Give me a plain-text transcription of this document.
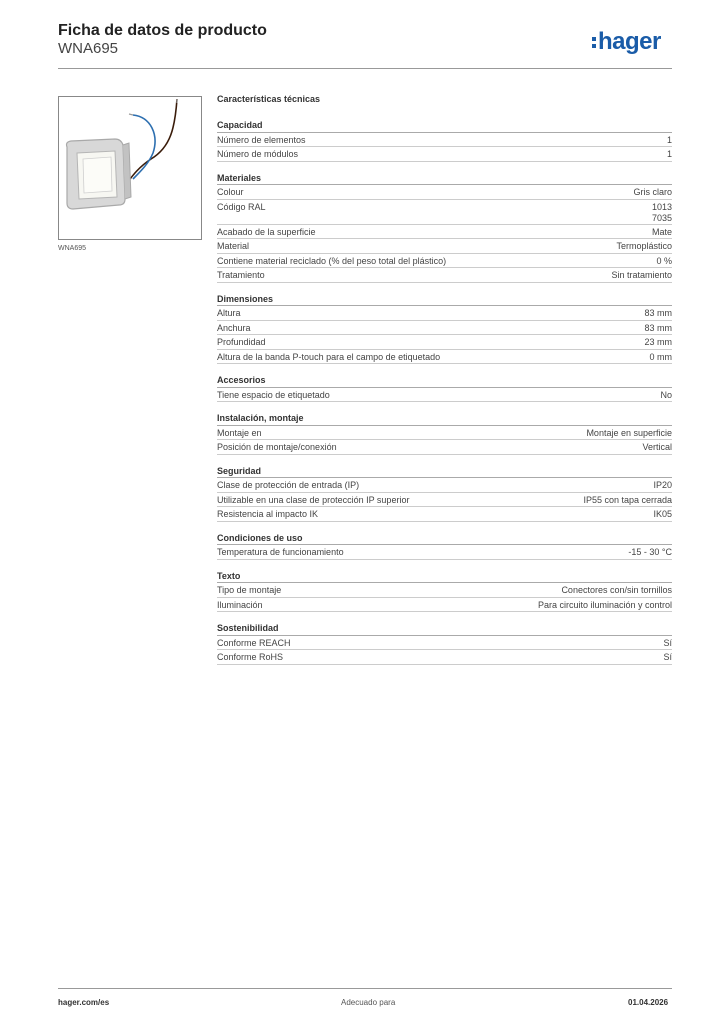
Ficha de datos de producto
WNA695	hager
WNA695
Características técnicas
Capacidad
Número de elementos	1
Número de módulos	1
Materiales
Colour	Gris claro
Código RAL	1013
7035
Acabado de la superficie	Mate
Material	Termoplástico
Contiene material reciclado (% del peso total del plástico)	0 %
Tratamiento	Sin tratamiento
Dimensiones
Altura	83 mm
Anchura	83 mm
Profundidad	23 mm
Altura de la banda P-touch para el campo de etiquetado	0 mm
Accesorios
Tiene espacio de etiquetado	No
Instalación, montaje
Montaje en	Montaje en superficie
Posición de montaje/conexión	Vertical
Seguridad
Clase de protección de entrada (IP)	IP20
Utilizable en una clase de protección IP superior	IP55 con tapa cerrada
Resistencia al impacto IK	IK05
Condiciones de uso
Temperatura de funcionamiento	-15 - 30 °C
Texto
Tipo de montaje	Conectores con/sin tornillos
Iluminación	Para circuito iluminación y control
Sostenibilidad
Conforme REACH	Sí
Conforme RoHS	Sí
hager.com/es	Adecuado para	01.04.2026
